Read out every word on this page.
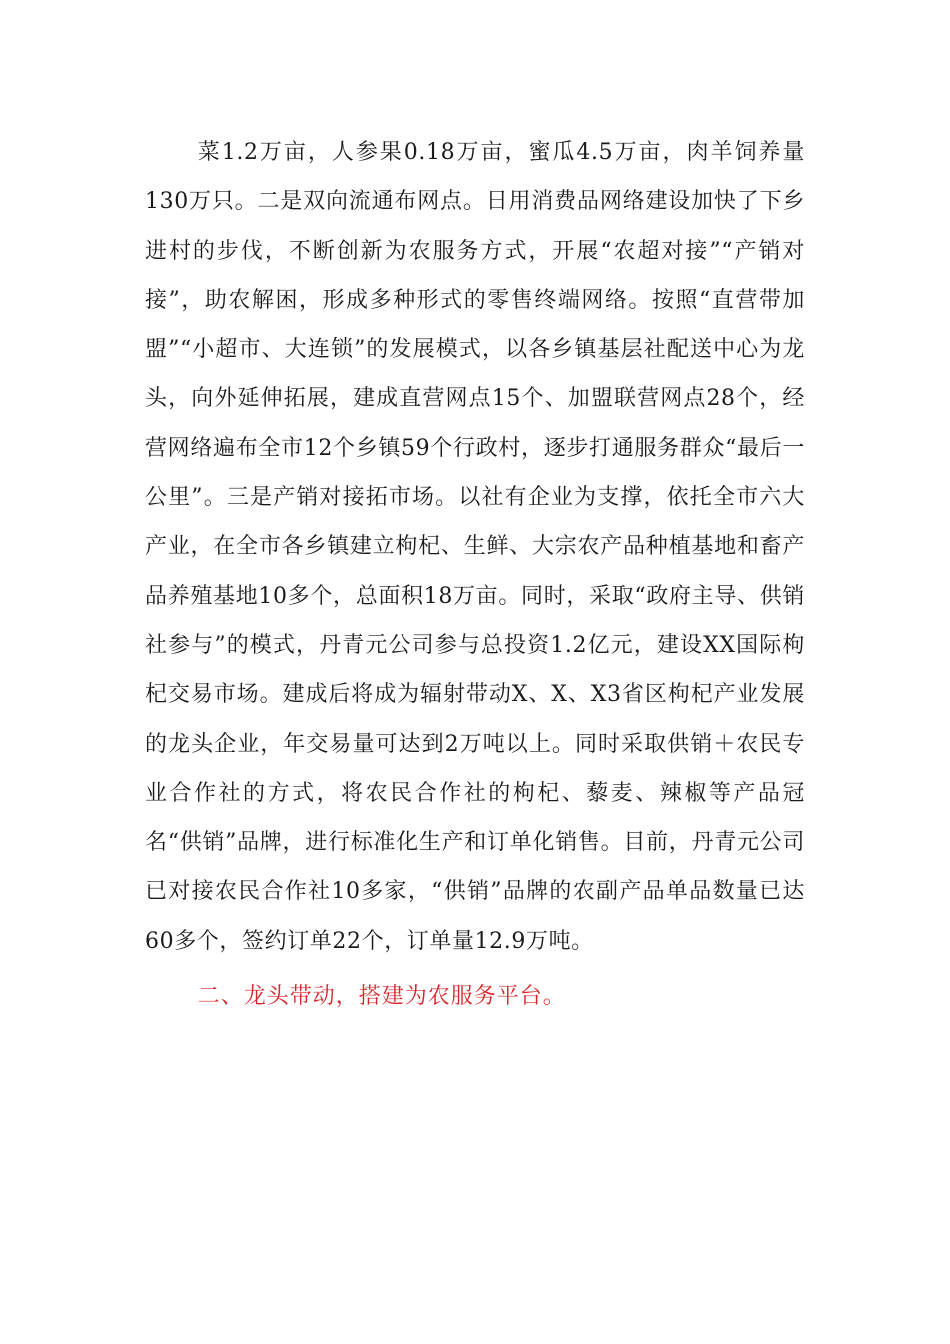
菜1.2万亩，人参果0.18万亩，蜜瓜4.5万亩，肉羊饲养量130万只。二是双向流通布网点。日用消费品网络建设加快了下乡进村的步伐，不断创新为农服务方式，开展“农超对接”“产销对接”，助农解困，形成多种形式的零售终端网络。按照“直营带加盟”“小超市、大连锁”的发展模式，以各乡镇基层社配送中心为龙头，向外延伸拓展，建成直营网点15个、加盟联营网点28个，经营网络遍布全市12个乡镇59个行政村，逐步打通服务群众“最后一公里”。三是产销对接拓市场。以社有企业为支撑，依托全市六大产业，在全市各乡镇建立枸杞、生鲜、大宗农产品种植基地和畜产品养殖基地10多个，总面积18万亩。同时，采取“政府主导、供销社参与”的模式，丹青元公司参与总投资1.2亿元，建设XX国际枸杞交易市场。建成后将成为辐射带动X、X、X3省区枸杞产业发展的龙头企业，年交易量可达到2万吨以上。同时采取供销＋农民专业合作社的方式，将农民合作社的枸杞、藜麦、辣椒等产品冠名“供销”品牌，进行标准化生产和订单化销售。目前，丹青元公司已对接农民合作社10多家，“供销”品牌的农副产品单品数量已达60多个，签约订单22个，订单量12.9万吨。

二、龙头带动，搭建为农服务平台。
